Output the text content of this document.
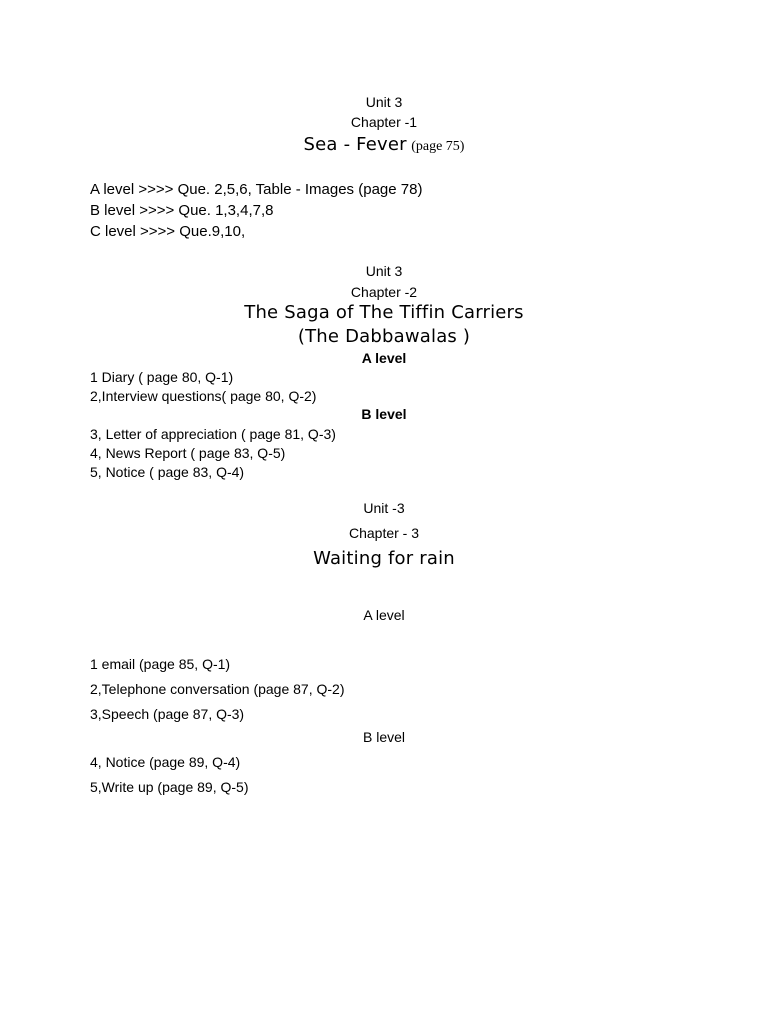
Unit 3
Chapter -1
Sea - Fever (page 75)
A level >>>> Que. 2,5,6, Table - Images (page 78)
B level >>>> Que. 1,3,4,7,8
C level >>>> Que.9,10,
Unit 3
Chapter -2
The Saga of The Tiffin Carriers
(The Dabbawalas )
A level
1 Diary ( page 80, Q-1)
2,Interview questions( page 80, Q-2)
B level
3, Letter of appreciation ( page 81, Q-3)
4, News Report ( page 83, Q-5)
5, Notice ( page 83, Q-4)
Unit -3
Chapter - 3
Waiting for rain
A level
1 email (page 85, Q-1)
2,Telephone conversation (page 87, Q-2)
3,Speech (page 87, Q-3)
B level
4, Notice (page 89, Q-4)
5,Write up (page 89, Q-5)
